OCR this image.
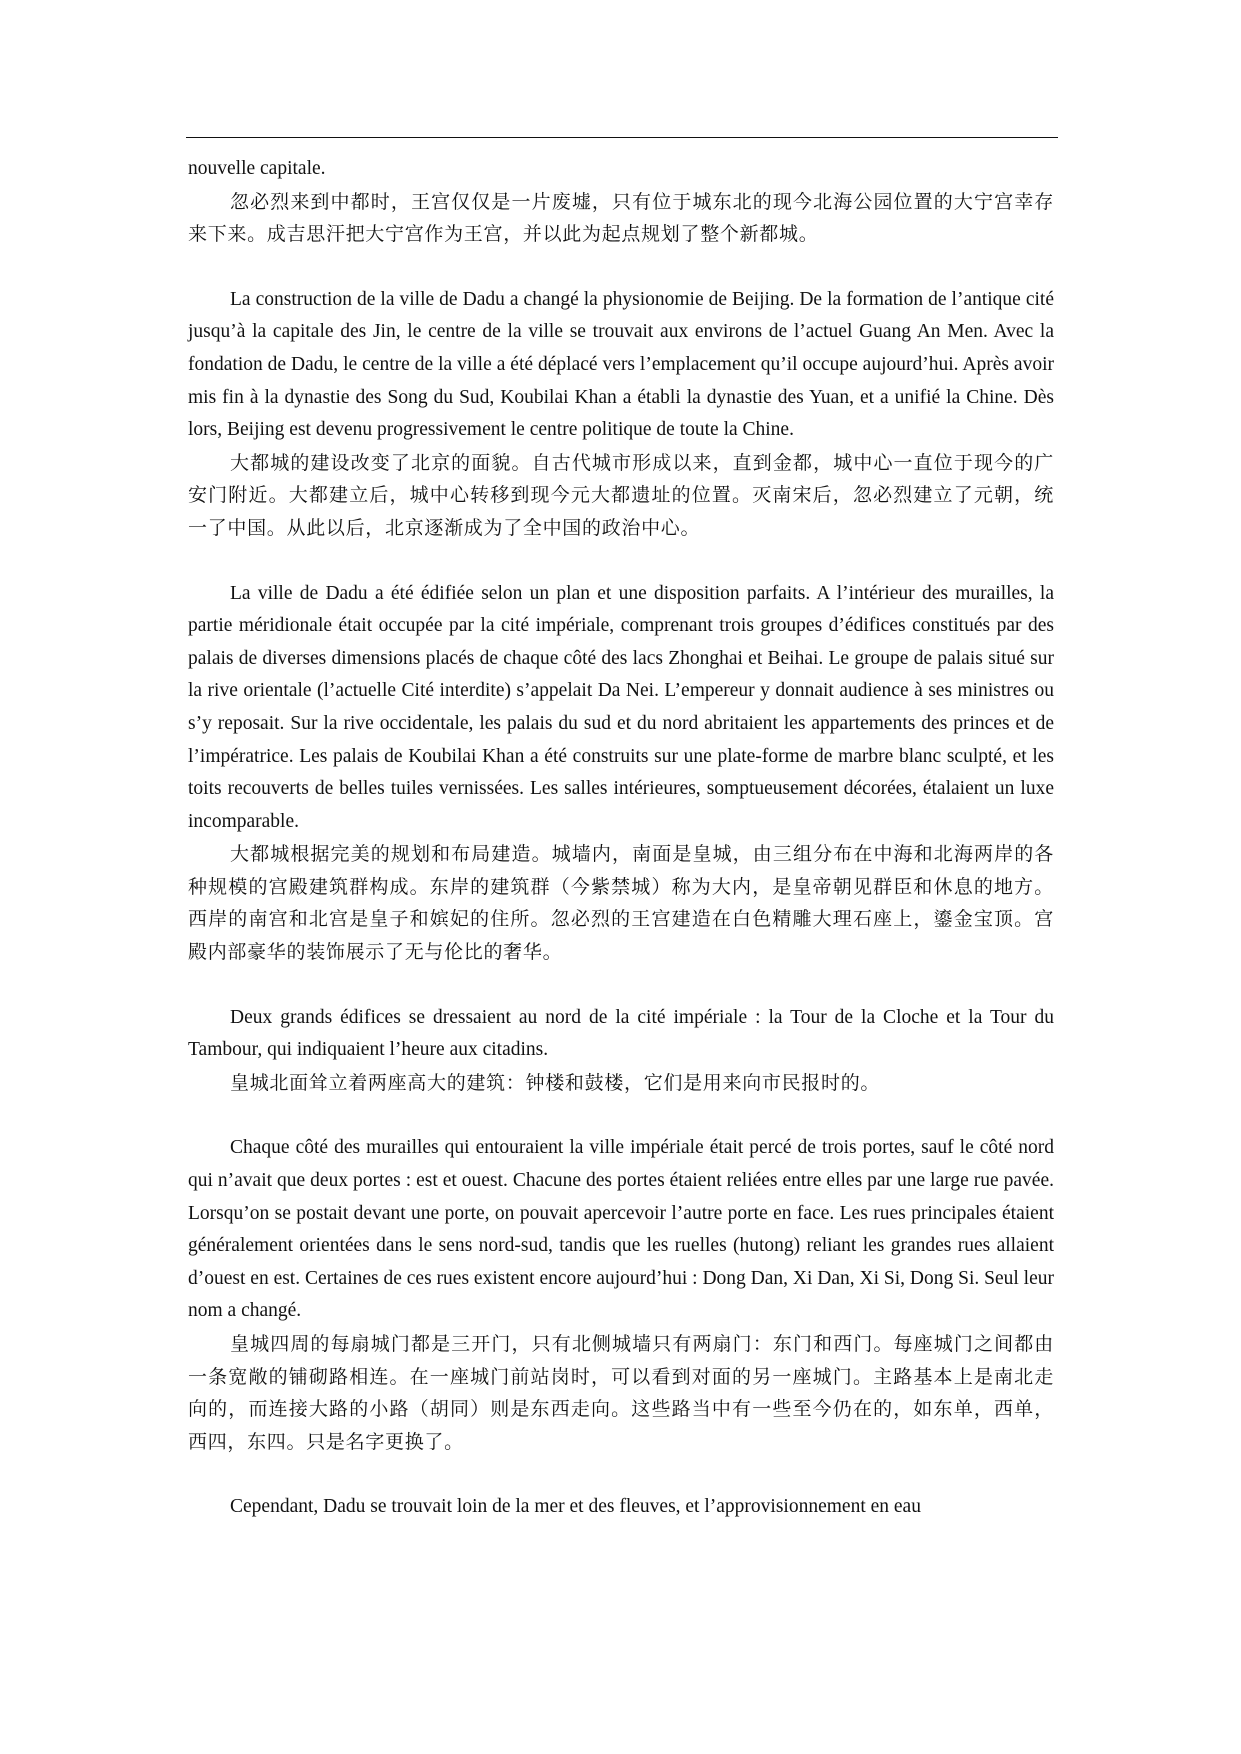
nouvelle capitale.

忽必烈来到中都时，王宫仅仅是一片废墟，只有位于城东北的现今北海公园位置的大宁宫幸存来下来。成吉思汗把大宁宫作为王宫，并以此为起点规划了整个新都城。

La construction de la ville de Dadu a changé la physionomie de Beijing. De la formation de l’antique cité jusqu’à la capitale des Jin, le centre de la ville se trouvait aux environs de l’actuel Guang An Men. Avec la fondation de Dadu, le centre de la ville a été déplacé vers l’emplacement qu’il occupe aujourd’hui. Après avoir mis fin à la dynastie des Song du Sud, Koubilai Khan a établi la dynastie des Yuan, et a unifié la Chine. Dès lors, Beijing est devenu progressivement le centre politique de toute la Chine.

大都城的建设改变了北京的面貌。自古代城市形成以来，直到金都，城中心一直位于现今的广安门附近。大都建立后，城中心转移到现今元大都遗址的位置。灭南宋后，忽必烈建立了元朝，统一了中国。从此以后，北京逐渐成为了全中国的政治中心。

La ville de Dadu a été édifiée selon un plan et une disposition parfaits. A l’intérieur des murailles, la partie méridionale était occupée par la cité impériale, comprenant trois groupes d’édifices constitués par des palais de diverses dimensions placés de chaque côté des lacs Zhonghai et Beihai. Le groupe de palais situé sur la rive orientale (l’actuelle Cité interdite) s’appelait Da Nei. L’empereur y donnait audience à ses ministres ou s’y reposait. Sur la rive occidentale, les palais du sud et du nord abritaient les appartements des princes et de l’impératrice. Les palais de Koubilai Khan a été construits sur une plate-forme de marbre blanc sculpté, et les toits recouverts de belles tuiles vernissées. Les salles intérieures, somptueusement décorées, étalaient un luxe incomparable.

大都城根据完美的规划和布局建造。城墙内，南面是皇城，由三组分布在中海和北海两岸的各种规模的宫殿建筑群构成。东岸的建筑群（今紫禁城）称为大内，是皇帝朝见群臣和休息的地方。西岸的南宫和北宫是皇子和嫔妃的住所。忽必烈的王宫建造在白色精雕大理石座上，鎏金宝顶。宫殿内部豪华的装饰展示了无与伦比的奢华。

Deux grands édifices se dressaient au nord de la cité impériale : la Tour de la Cloche et la Tour du Tambour, qui indiquaient l’heure aux citadins.

皇城北面耸立着两座高大的建筑：钟楼和鼓楼，它们是用来向市民报时的。

Chaque côté des murailles qui entouraient la ville impériale était percé de trois portes, sauf le côté nord qui n’avait que deux portes : est et ouest. Chacune des portes étaient reliées entre elles par une large rue pavée. Lorsqu’on se postait devant une porte, on pouvait apercevoir l’autre porte en face. Les rues principales étaient généralement orientées dans le sens nord-sud, tandis que les ruelles (hutong) reliant les grandes rues allaient d’ouest en est. Certaines de ces rues existent encore aujourd’hui : Dong Dan, Xi Dan, Xi Si, Dong Si. Seul leur nom a changé.

皇城四周的每扇城门都是三开门，只有北侧城墙只有两扇门：东门和西门。每座城门之间都由一条宽敞的铺砌路相连。在一座城门前站岗时，可以看到对面的另一座城门。主路基本上是南北走向的，而连接大路的小路（胡同）则是东西走向。这些路当中有一些至今仍在的，如东单，西单，西四，东四。只是名字更换了。

Cependant, Dadu se trouvait loin de la mer et des fleuves, et l’approvisionnement en eau
